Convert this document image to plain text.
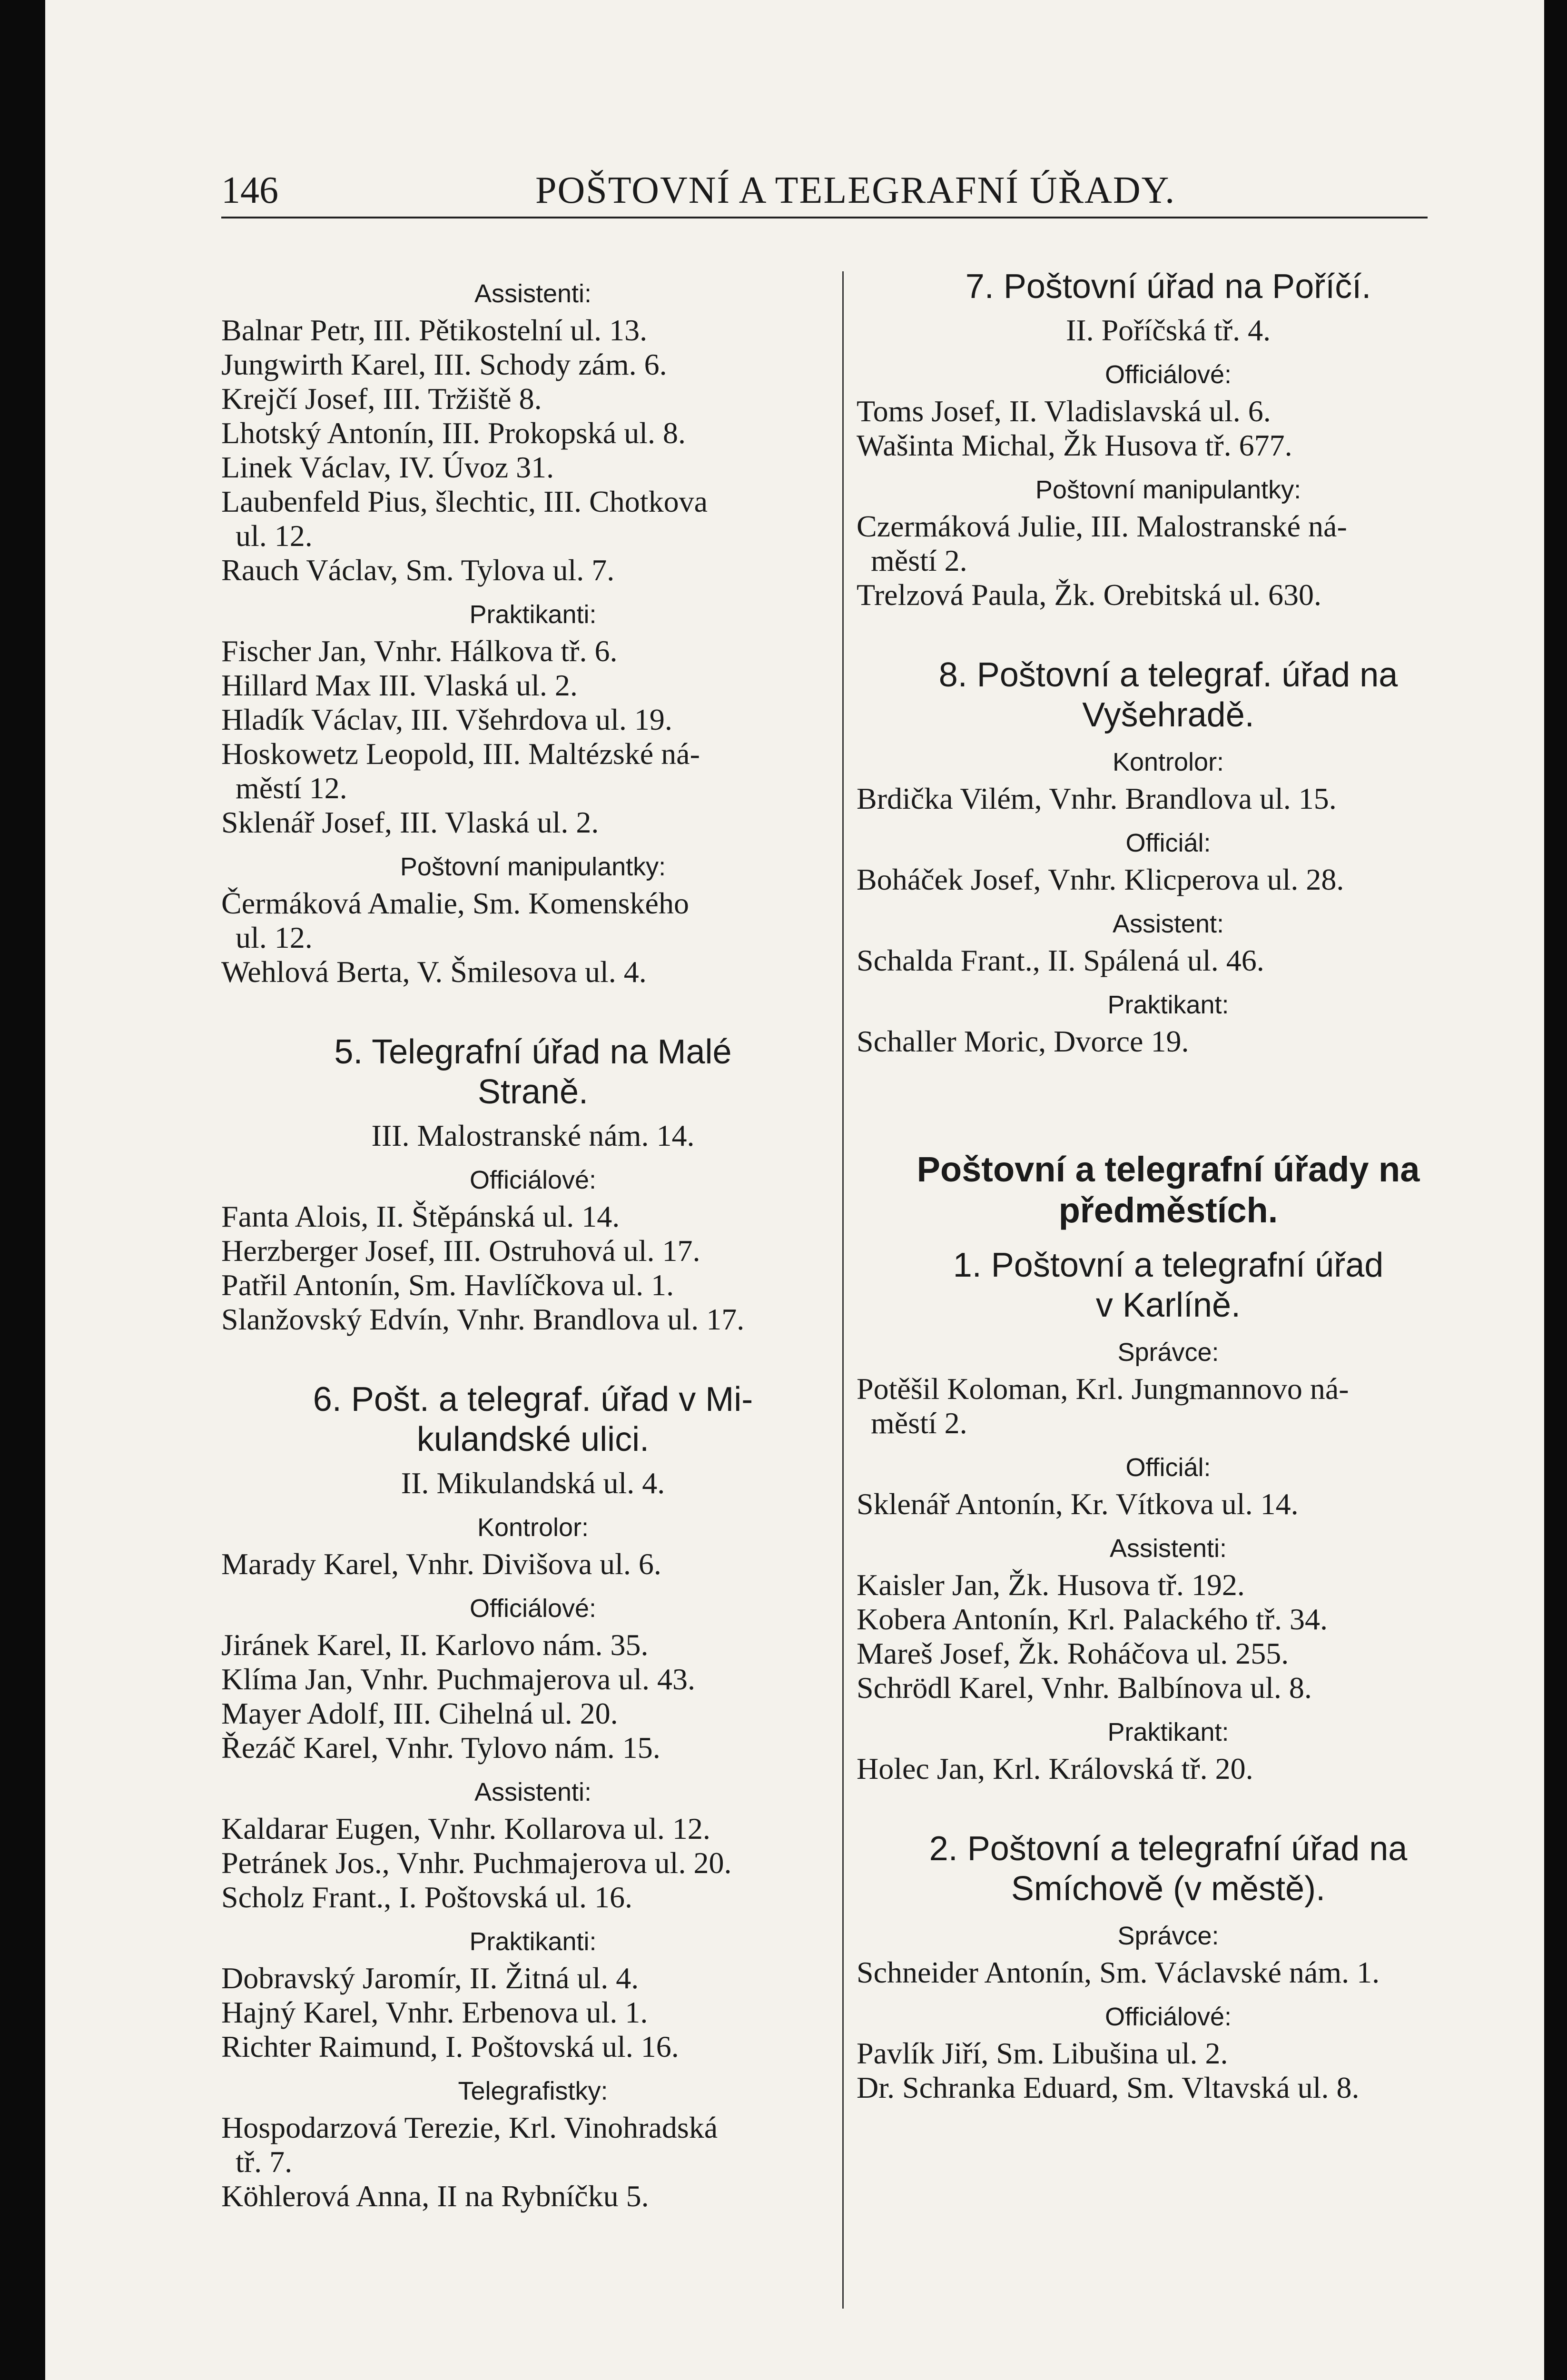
146	POŠTOVNÍ A TELEGRAFNÍ ÚŘADY.
Assistenti:
Balnar Petr, III. Pětikostelní ul. 13.
Jungwirth Karel, III. Schody zám. 6.
Krejčí Josef, III. Tržiště 8.
Lhotský Antonín, III. Prokopská ul. 8.
Linek Václav, IV. Úvoz 31.
Laubenfeld Pius, šlechtic, III. Chotkova
ul. 12.
Rauch Václav, Sm. Tylova ul. 7.
Praktikanti:
Fischer Jan, Vnhr. Hálkova tř. 6.
Hillard Max III. Vlaská ul. 2.
Hladík Václav, III. Všehrdova ul. 19.
Hoskowetz Leopold, III. Maltézské ná-
městí 12.
Sklenář Josef, III. Vlaská ul. 2.
Poštovní manipulantky:
Čermáková Amalie, Sm. Komenského
ul. 12.
Wehlová Berta, V. Šmilesova ul. 4.
5. Telegrafní úřad na Malé
Straně.
III. Malostranské nám. 14.
Officiálové:
Fanta Alois, II. Štěpánská ul. 14.
Herzberger Josef, III. Ostruhová ul. 17.
Patřil Antonín, Sm. Havlíčkova ul. 1.
Slanžovský Edvín, Vnhr. Brandlova ul. 17.
6. Pošt. a telegraf. úřad v Mi-
kulandské ulici.
II. Mikulandská ul. 4.
Kontrolor:
Marady Karel, Vnhr. Divišova ul. 6.
Officiálové:
Jiránek Karel, II. Karlovo nám. 35.
Klíma Jan, Vnhr. Puchmajerova ul. 43.
Mayer Adolf, III. Cihelná ul. 20.
Řezáč Karel, Vnhr. Tylovo nám. 15.
Assistenti:
Kaldarar Eugen, Vnhr. Kollarova ul. 12.
Petránek Jos., Vnhr. Puchmajerova ul. 20.
Scholz Frant., I. Poštovská ul. 16.
Praktikanti:
Dobravský Jaromír, II. Žitná ul. 4.
Hajný Karel, Vnhr. Erbenova ul. 1.
Richter Raimund, I. Poštovská ul. 16.
Telegrafistky:
Hospodarzová Terezie, Krl. Vinohradská
tř. 7.
Köhlerová Anna, II na Rybníčku 5.
7. Poštovní úřad na Poříčí.
II. Poříčská tř. 4.
Officiálové:
Toms Josef, II. Vladislavská ul. 6.
Wašinta Michal, Žk Husova tř. 677.
Poštovní manipulantky:
Czermáková Julie, III. Malostranské ná-
městí 2.
Trelzová Paula, Žk. Orebitská ul. 630.
8. Poštovní a telegraf. úřad na
Vyšehradě.
Kontrolor:
Brdička Vilém, Vnhr. Brandlova ul. 15.
Officiál:
Boháček Josef, Vnhr. Klicperova ul. 28.
Assistent:
Schalda Frant., II. Spálená ul. 46.
Praktikant:
Schaller Moric, Dvorce 19.
Poštovní a telegrafní úřady na
předměstích.
1. Poštovní a telegrafní úřad
v Karlíně.
Správce:
Potěšil Koloman, Krl. Jungmannovo ná-
městí 2.
Officiál:
Sklenář Antonín, Kr. Vítkova ul. 14.
Assistenti:
Kaisler Jan, Žk. Husova tř. 192.
Kobera Antonín, Krl. Palackého tř. 34.
Mareš Josef, Žk. Roháčova ul. 255.
Schrödl Karel, Vnhr. Balbínova ul. 8.
Praktikant:
Holec Jan, Krl. Královská tř. 20.
2. Poštovní a telegrafní úřad na
Smíchově (v městě).
Správce:
Schneider Antonín, Sm. Václavské nám. 1.
Officiálové:
Pavlík Jiří, Sm. Libušina ul. 2.
Dr. Schranka Eduard, Sm. Vltavská ul. 8.
